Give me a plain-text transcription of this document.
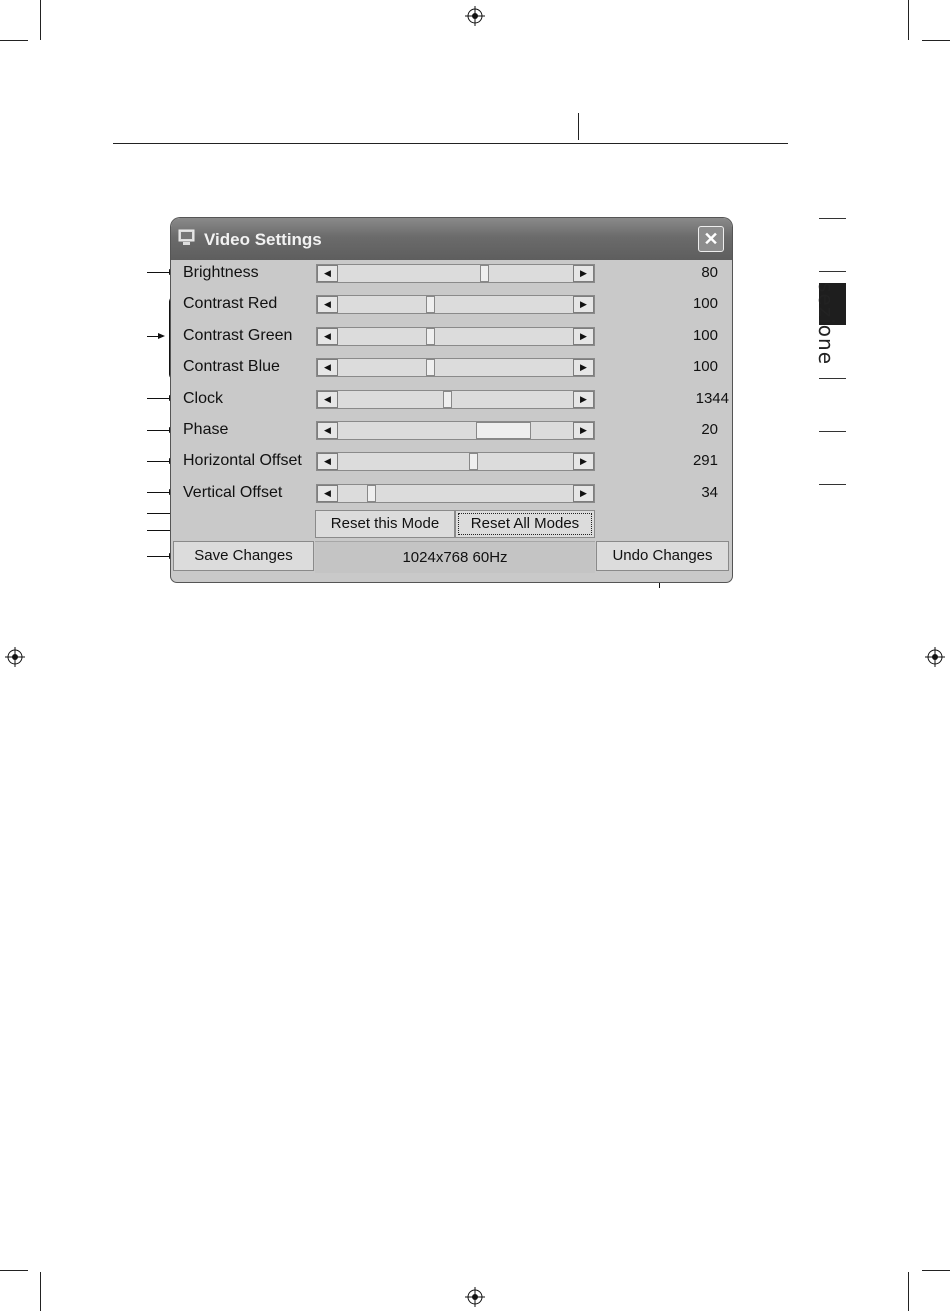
sezione
Video Settings	✕
Brightness	◀	▶	80
Contrast Red	◀	▶	100
Contrast Green	◀	▶	100
Contrast Blue	◀	▶	100
Clock	◀	▶	1344
Phase	◀	▶	20
Horizontal Offset	◀	▶	291
Vertical Offset	◀	▶	34
Reset this Mode	Reset All Modes
Save Changes	1024x768 60Hz	Undo Changes
